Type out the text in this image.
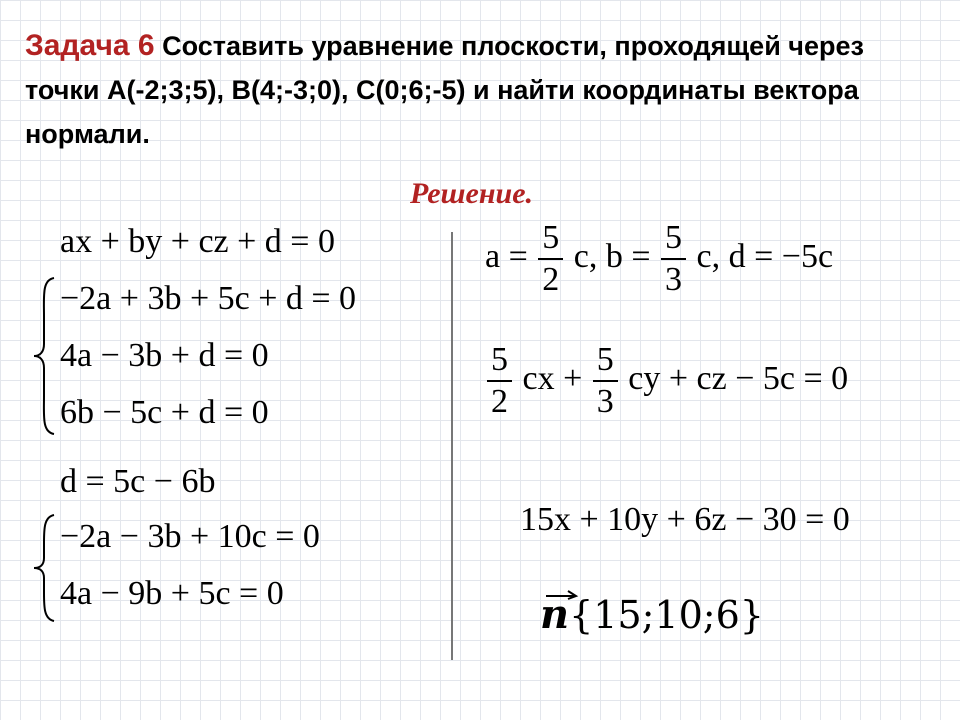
Задача 6 Составить уравнение плоскости, проходящей через точки A(-2;3;5), B(4;-3;0), C(0;6;-5) и найти координаты вектора нормали.
Решение.
ax + by + cz + d = 0
−2a + 3b + 5c + d = 0
4a − 3b + d = 0
6b − 5c + d = 0
d = 5c − 6b
−2a − 3b + 10c = 0
4a − 9b + 5c = 0
$a = \frac{5}{2} c$, $b = \frac{5}{3} c$, d = −5c
$\frac{5}{2}$ cx + $\frac{5}{3}$ cy + cz − 5c = 0
15x + 10y + 6z − 30 = 0
n{15;10;6}
